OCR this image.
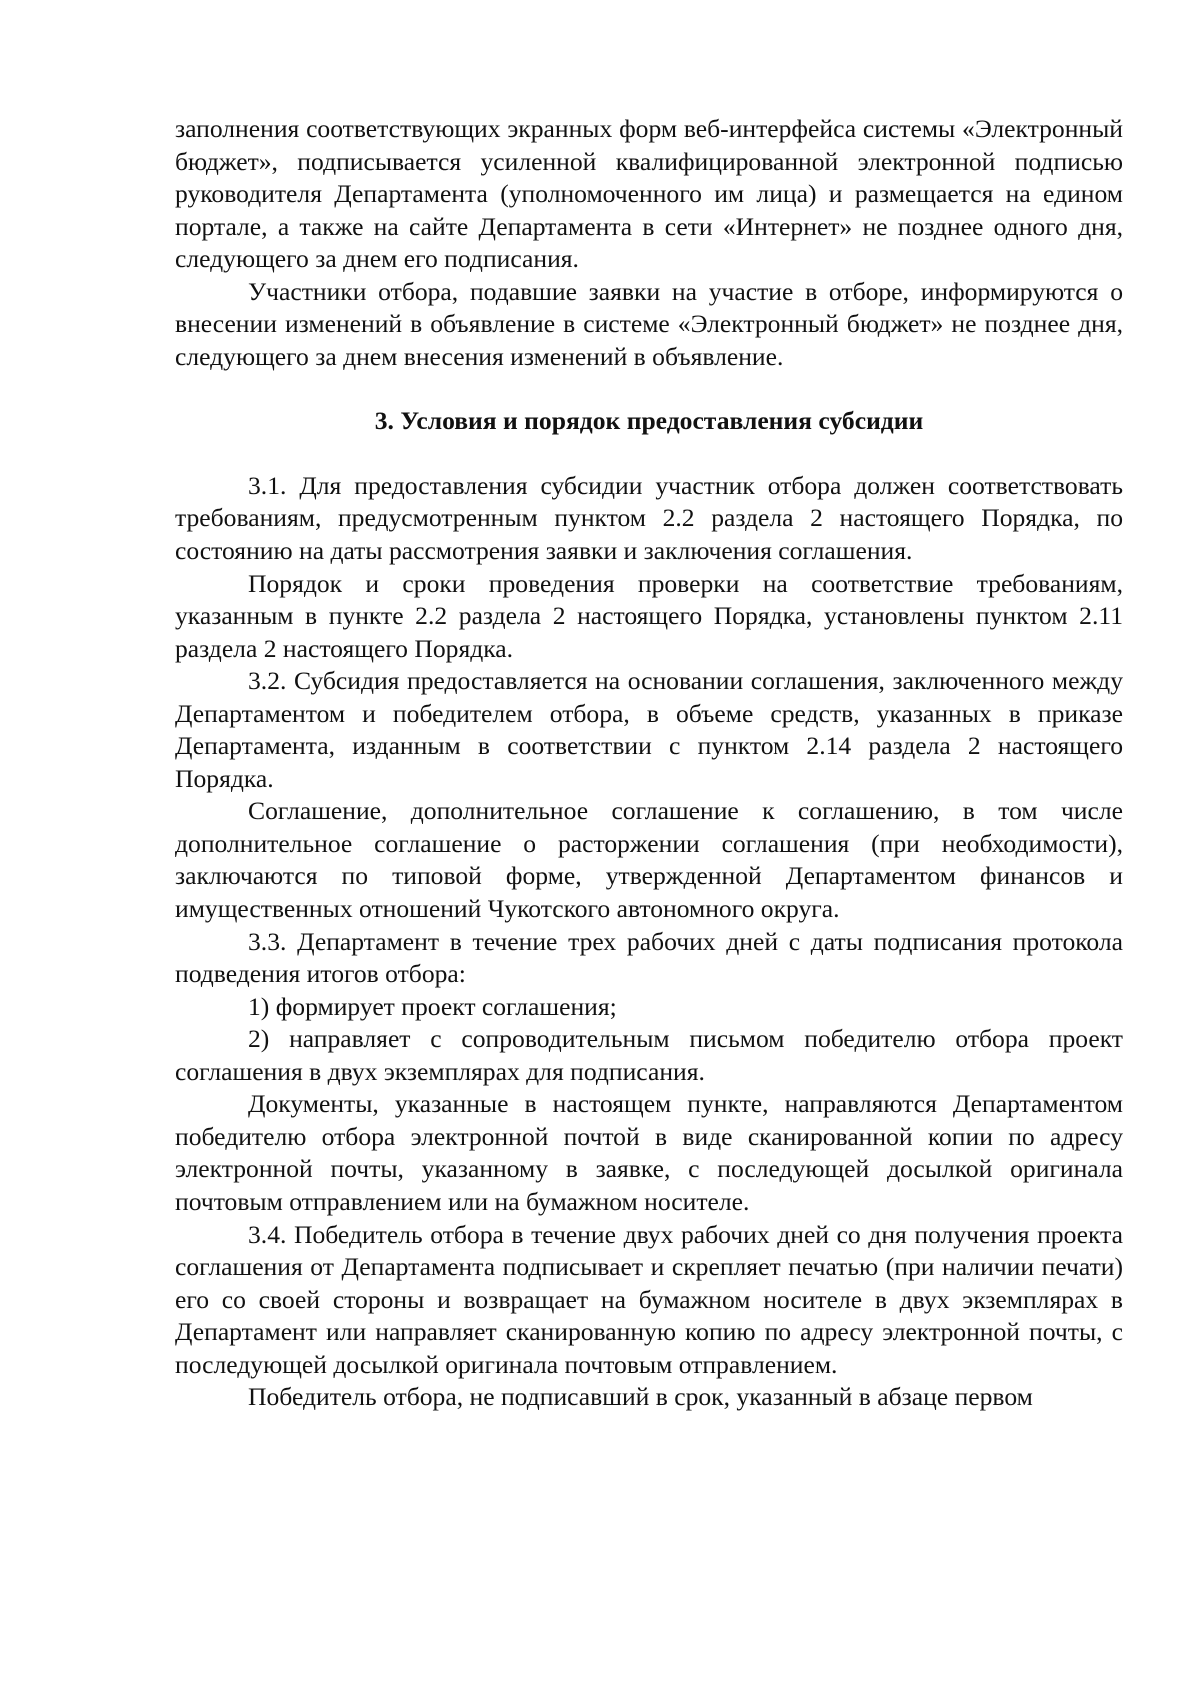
заполнения соответствующих экранных форм веб-интерфейса системы «Электронный бюджет», подписывается усиленной квалифицированной электронной подписью руководителя Департамента (уполномоченного им лица) и размещается на едином портале, а также на сайте Департамента в сети «Интернет» не позднее одного дня, следующего за днем его подписания.

Участники отбора, подавшие заявки на участие в отборе, информируются о внесении изменений в объявление в системе «Электронный бюджет» не позднее дня, следующего за днем внесения изменений в объявление.

3. Условия и порядок предоставления субсидии

3.1. Для предоставления субсидии участник отбора должен соответствовать требованиям, предусмотренным пунктом 2.2 раздела 2 настоящего Порядка, по состоянию на даты рассмотрения заявки и заключения соглашения.

Порядок и сроки проведения проверки на соответствие требованиям, указанным в пункте 2.2 раздела 2 настоящего Порядка, установлены пунктом 2.11 раздела 2 настоящего Порядка.

3.2. Субсидия предоставляется на основании соглашения, заключенного между Департаментом и победителем отбора, в объеме средств, указанных в приказе Департамента, изданным в соответствии с пунктом 2.14 раздела 2 настоящего Порядка.

Соглашение, дополнительное соглашение к соглашению, в том числе дополнительное соглашение о расторжении соглашения (при необходимости), заключаются по типовой форме, утвержденной Департаментом финансов и имущественных отношений Чукотского автономного округа.

3.3. Департамент в течение трех рабочих дней с даты подписания протокола подведения итогов отбора:

1) формирует проект соглашения;

2) направляет с сопроводительным письмом победителю отбора проект соглашения в двух экземплярах для подписания.

Документы, указанные в настоящем пункте, направляются Департаментом победителю отбора электронной почтой в виде сканированной копии по адресу электронной почты, указанному в заявке, с последующей досылкой оригинала почтовым отправлением или на бумажном носителе.

3.4. Победитель отбора в течение двух рабочих дней со дня получения проекта соглашения от Департамента подписывает и скрепляет печатью (при наличии печати) его со своей стороны и возвращает на бумажном носителе в двух экземплярах в Департамент или направляет сканированную копию по адресу электронной почты, с последующей досылкой оригинала почтовым отправлением.

Победитель отбора, не подписавший в срок, указанный в абзаце первом
